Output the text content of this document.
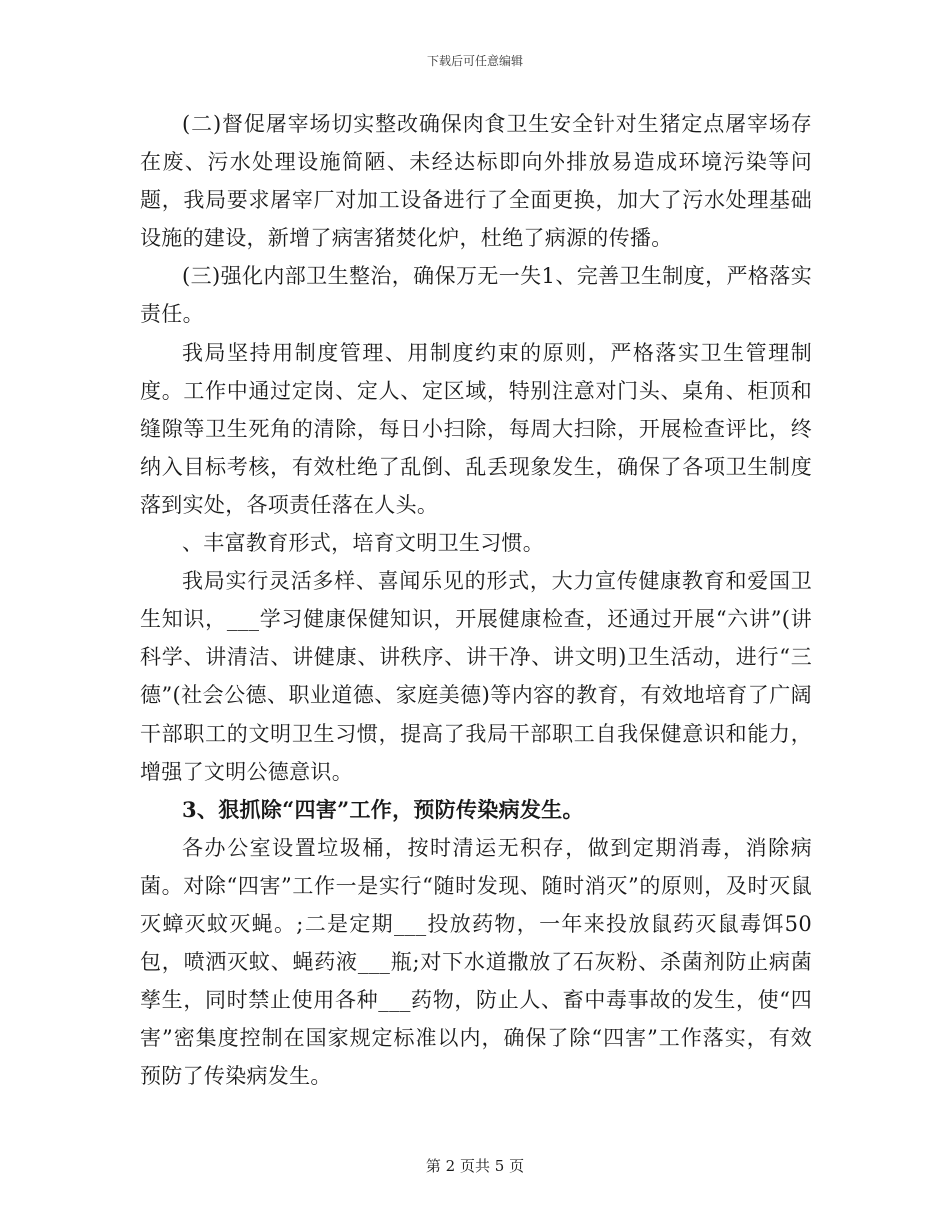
下载后可任意编辑

(二)督促屠宰场切实整改确保肉食卫生安全针对生猪定点屠宰场存在废、污水处理设施简陋、未经达标即向外排放易造成环境污染等问题，我局要求屠宰厂对加工设备进行了全面更换，加大了污水处理基础设施的建设，新增了病害猪焚化炉，杜绝了病源的传播。

(三)强化内部卫生整治，确保万无一失1、完善卫生制度，严格落实责任。

我局坚持用制度管理、用制度约束的原则，严格落实卫生管理制度。工作中通过定岗、定人、定区域，特别注意对门头、桌角、柜顶和缝隙等卫生死角的清除，每日小扫除，每周大扫除，开展检查评比，终纳入目标考核，有效杜绝了乱倒、乱丢现象发生，确保了各项卫生制度落到实处，各项责任落在人头。

、丰富教育形式，培育文明卫生习惯。

我局实行灵活多样、喜闻乐见的形式，大力宣传健康教育和爱国卫生知识，___学习健康保健知识，开展健康检查，还通过开展“六讲”(讲科学、讲清洁、讲健康、讲秩序、讲干净、讲文明)卫生活动，进行“三德”(社会公德、职业道德、家庭美德)等内容的教育，有效地培育了广阔干部职工的文明卫生习惯，提高了我局干部职工自我保健意识和能力，增强了文明公德意识。

3、狠抓除“四害”工作，预防传染病发生。

各办公室设置垃圾桶，按时清运无积存，做到定期消毒，消除病菌。对除“四害”工作一是实行“随时发现、随时消灭”的原则，及时灭鼠灭蟑灭蚊灭蝇。;二是定期___投放药物，一年来投放鼠药灭鼠毒饵50包，喷洒灭蚊、蝇药液___瓶;对下水道撒放了石灰粉、杀菌剂防止病菌孳生，同时禁止使用各种___药物，防止人、畜中毒事故的发生，使“四害”密集度控制在国家规定标准以内，确保了除“四害”工作落实，有效预防了传染病发生。

第 2 页共 5 页
